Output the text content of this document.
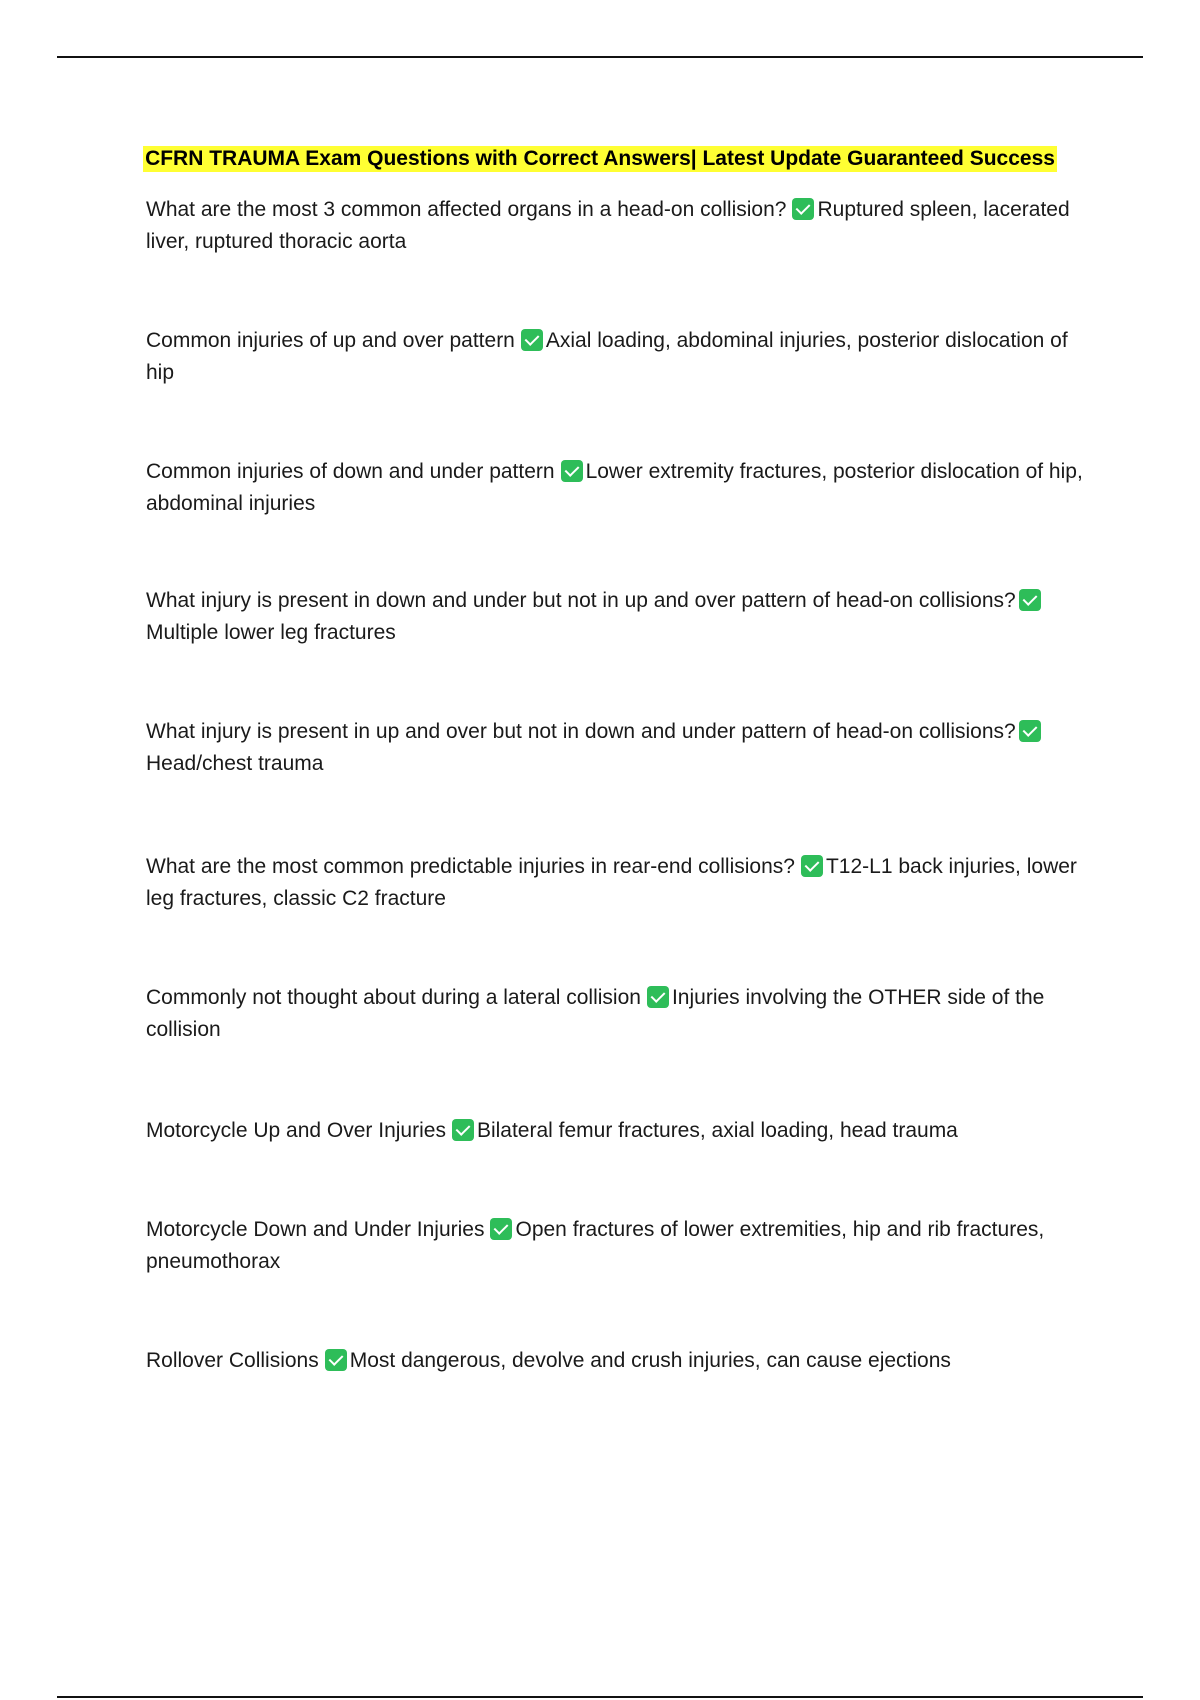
CFRN TRAUMA Exam Questions with Correct Answers| Latest Update Guaranteed Success
What are the most 3 common affected organs in a head-on collision? Ruptured spleen, lacerated liver, ruptured thoracic aorta
Common injuries of up and over pattern Axial loading, abdominal injuries, posterior dislocation of hip
Common injuries of down and under pattern Lower extremity fractures, posterior dislocation of hip, abdominal injuries
What injury is present in down and under but not in up and over pattern of head-on collisions?Multiple lower leg fractures
What injury is present in up and over but not in down and under pattern of head-on collisions?Head/chest trauma
What are the most common predictable injuries in rear-end collisions? T12-L1 back injuries, lower leg fractures, classic C2 fracture
Commonly not thought about during a lateral collision Injuries involving the OTHER side of the collision
Motorcycle Up and Over Injuries Bilateral femur fractures, axial loading, head trauma
Motorcycle Down and Under Injuries Open fractures of lower extremities, hip and rib fractures, pneumothorax
Rollover Collisions Most dangerous, devolve and crush injuries, can cause ejections
